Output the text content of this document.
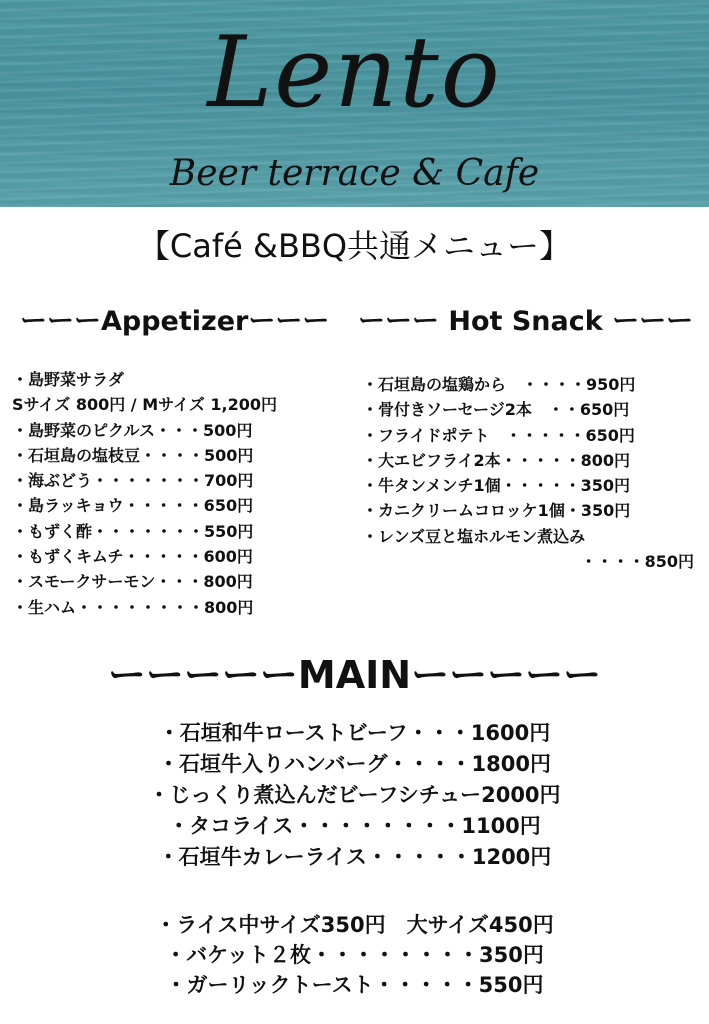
Lento
Beer terrace & Cafe
【Café &BBQ共通メニュー】
ーーーAppetizerーーー ーーー Hot Snack ーーー
・島野菜サラダ
Sサイズ 800円 / Mサイズ 1,200円
・島野菜のピクルス・・・500円
・石垣島の塩枝豆・・・・500円
・海ぶどう・・・・・・・700円
・島ラッキョウ・・・・・650円
・もずく酢・・・・・・・550円
・もずくキムチ・・・・・600円
・スモークサーモン・・・800円
・生ハム・・・・・・・・800円
・石垣島の塩鶏から　・・・・950円
・骨付きソーセージ2本　・・650円
・フライドポテト　・・・・・650円
・大エビフライ2本・・・・・800円
・牛タンメンチ1個・・・・・350円
・カニクリームコロッケ1個・350円
・レンズ豆と塩ホルモン煮込み
・・・・850円
ーーーーーMAINーーーーー
・石垣和牛ローストビーフ・・・1600円
・石垣牛入りハンバーグ・・・・1800円
・じっくり煮込んだビーフシチュー2000円
・タコライス・・・・・・・・1100円
・石垣牛カレーライス・・・・・1200円
・ライス中サイズ350円　大サイズ450円
・バケット２枚・・・・・・・・350円
・ガーリックトースト・・・・・550円
